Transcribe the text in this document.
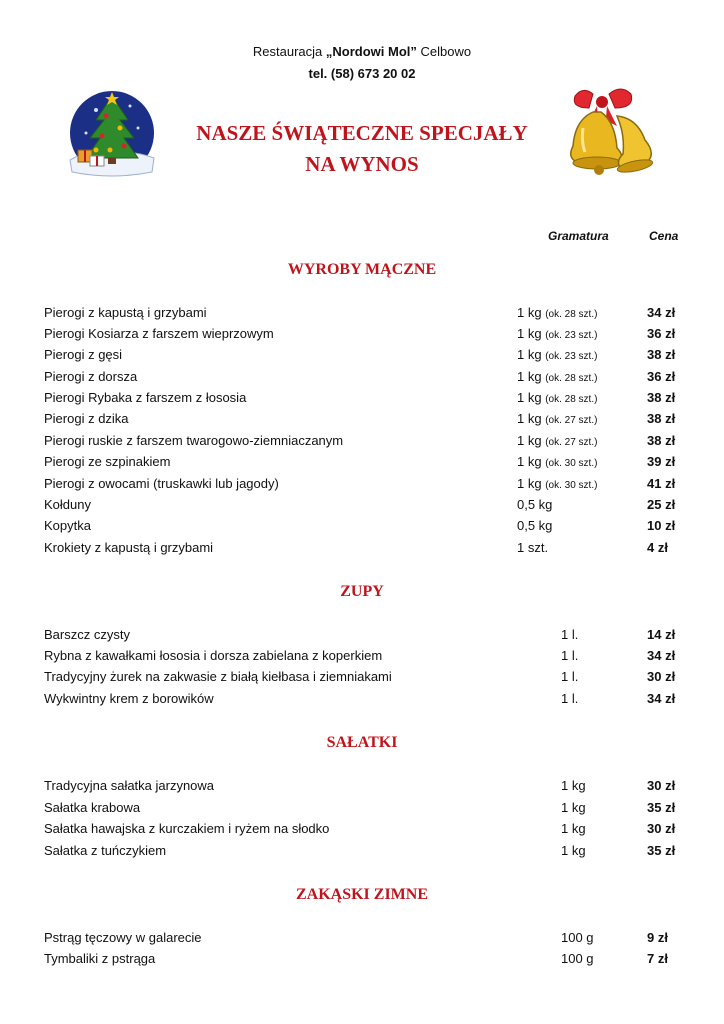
Restauracja „Nordowi Mol” Celbowo
tel. (58) 673 20 02
NASZE ŚWIĄTECZNE SPECJAŁY
NA WYNOS
Gramatura	Cena
WYROBY MĄCZNE
ZUPY
SAŁATKI
ZAKĄSKI ZIMNE
Pierogi z kapustą i grzybami	1 kg (ok. 28 szt.)	34 zł
Pierogi Kosiarza z farszem wieprzowym	1 kg (ok. 23 szt.)	36 zł
Pierogi z gęsi	1 kg (ok. 23 szt.)	38 zł
Pierogi z dorsza	1 kg (ok. 28 szt.)	36 zł
Pierogi Rybaka z farszem z łososia	1 kg (ok. 28 szt.)	38 zł
Pierogi z dzika	1 kg (ok. 27 szt.)	38 zł
Pierogi ruskie z farszem twarogowo-ziemniaczanym	1 kg (ok. 27 szt.)	38 zł
Pierogi ze szpinakiem	1 kg (ok. 30 szt.)	39 zł
Pierogi z owocami (truskawki lub jagody)	1 kg (ok. 30 szt.)	41 zł
Kołduny	0,5 kg	25 zł
Kopytka	0,5 kg	10 zł
Krokiety z kapustą i grzybami	1 szt.	4 zł
Barszcz czysty	1 l.	14 zł
Rybna z kawałkami łososia i dorsza zabielana z koperkiem	1 l.	34 zł
Tradycyjny żurek na zakwasie z białą kiełbasa i ziemniakami	1 l.	30 zł
Wykwintny krem z borowików	1 l.	34 zł
Tradycyjna sałatka jarzynowa	1 kg	30 zł
Sałatka krabowa	1 kg	35 zł
Sałatka hawajska z kurczakiem i ryżem na słodko	1 kg	30 zł
Sałatka z tuńczykiem	1 kg	35 zł
Pstrąg tęczowy w galarecie	100 g	9 zł
Tymbaliki z pstrąga	100 g	7 zł
